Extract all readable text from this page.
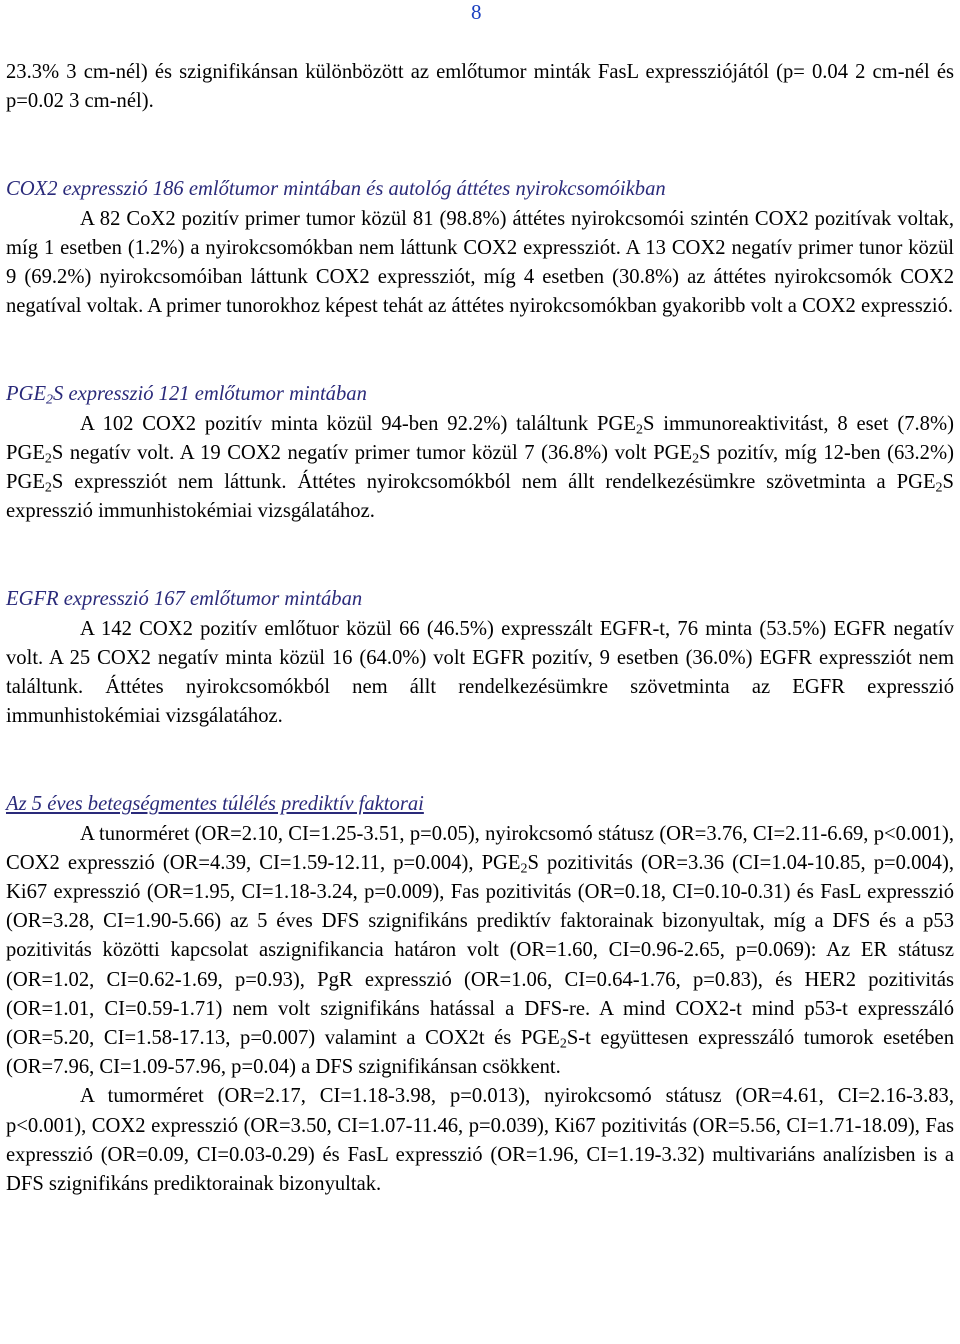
8

23.3% 3 cm-nél) és szignifikánsan különbözött az emlőtumor minták FasL expressziójától (p= 0.04 2 cm-nél és p=0.02 3 cm-nél).

COX2 expresszió 186 emlőtumor mintában és autológ áttétes nyirokcsomóikban

A 82 CoX2 pozitív primer tumor közül 81 (98.8%) áttétes nyirokcsomói szintén COX2 pozitívak voltak, míg 1 esetben (1.2%) a nyirokcsomókban nem láttunk COX2 expressziót. A 13 COX2 negatív primer tunor közül 9 (69.2%) nyirokcsomóiban láttunk COX2 expressziót, míg 4 esetben (30.8%) az áttétes nyirokcsomók COX2 negatíval voltak. A primer tunorokhoz képest tehát az áttétes nyirokcsomókban gyakoribb volt a COX2 expresszió.

$PGE_2S$ expresszió 121 emlőtumor mintában

A 102 COX2 pozitív minta közül 94-ben 92.2%) találtunk $PGE_2S$ immunoreaktivitást, 8 eset (7.8%) $PGE_2S$ negatív volt. A 19 COX2 negatív primer tumor közül 7 (36.8%) volt $PGE_2S$ pozitív, míg 12-ben (63.2%) $PGE_2S$ expressziót nem láttunk. Áttétes nyirokcsomókból nem állt rendelkezésümkre szövetminta a $PGE_2S$ expresszió immunhistokémiai vizsgálatához.

EGFR expresszió 167 emlőtumor mintában

A 142 COX2 pozitív emlőtuor közül 66 (46.5%) expresszált EGFR-t, 76 minta (53.5%) EGFR negatív volt. A 25 COX2 negatív minta közül 16 (64.0%) volt EGFR pozitív, 9 esetben (36.0%) EGFR expressziót nem találtunk. Áttétes nyirokcsomókból nem állt rendelkezésümkre szövetminta az EGFR expresszió immunhistokémiai vizsgálatához.

Az 5 éves betegségmentes túlélés prediktív faktorai

A tunorméret (OR=2.10, CI=1.25-3.51, p=0.05), nyirokcsomó státusz (OR=3.76, CI=2.11-6.69, p<0.001), COX2 expresszió (OR=4.39, CI=1.59-12.11, p=0.004), $PGE_2S$ pozitivitás (OR=3.36 (CI=1.04-10.85, p=0.004), Ki67 expresszió (OR=1.95, CI=1.18-3.24, p=0.009), Fas pozitivitás (OR=0.18, CI=0.10-0.31) és FasL expresszió (OR=3.28, CI=1.90-5.66) az 5 éves DFS szignifikáns prediktív faktorainak bizonyultak, míg a DFS és a p53 pozitivitás közötti kapcsolat aszignifikancia határon volt (OR=1.60, CI=0.96-2.65, p=0.069): Az ER státusz (OR=1.02, CI=0.62-1.69, p=0.93), PgR expresszió (OR=1.06, CI=0.64-1.76, p=0.83), és HER2 pozitivitás (OR=1.01, CI=0.59-1.71) nem volt szignifikáns hatással a DFS-re. A mind COX2-t mind p53-t expresszáló (OR=5.20, CI=1.58-17.13, p=0.007) valamint a COX2t és $PGE_2S-t$ együttesen expresszáló tumorok esetében (OR=7.96, CI=1.09-57.96, p=0.04) a DFS szignifikánsan csökkent.

A tumorméret (OR=2.17, CI=1.18-3.98, p=0.013), nyirokcsomó státusz (OR=4.61, CI=2.16-3.83, p<0.001), COX2 expresszió (OR=3.50, CI=1.07-11.46, p=0.039), Ki67 pozitivitás (OR=5.56, CI=1.71-18.09), Fas expresszió (OR=0.09, CI=0.03-0.29) és FasL expresszió (OR=1.96, CI=1.19-3.32) multivariáns analízisben is a DFS szignifikáns prediktorainak bizonyultak.
